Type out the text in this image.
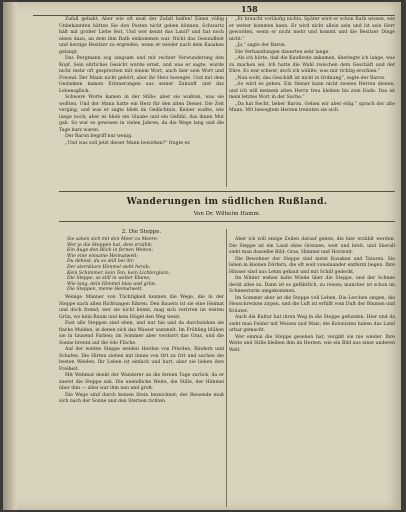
158

Zufall gehabt. Aber wie oft muß der Zufall helfen! Einen völlig Unbekannten hätten Sie den Posten nicht geben können. Schwartz hält mit großer Liebe fest, Und wer kennt das Land? und hat noch einen dazu, an dem ihm Rath einkommen war. Nicht das Gesundheit und herzige Besitzer zu ergreifen, wenn er wieder nach dem Kasaken gelangt.

Das Bergmann zog langsam und mit rechter Verwunderung den Kopf. Sein ehrliches Gesicht wurde ernst, und was er sagte, wurde nicht mehr oft gesprochen mit einem Wort, auch hier sein Wort und Freund. Der Mann nicht gehört, aber ihr Herz bewegte. Und mit dem Gedanken kamen Erinnerungen aus seiner Zukunft und das Lebensglück.

Schwere Worte kamen in der Stille; aber sie wußten, was sie wollten. Und der Mann hatte ein Herz für den alten Diener. Die Zeit verging, und was er sagte blieb im Gedächtnis. Keiner wußte, wie lange noch; aber es blieb ein Glaube und ein Gefühl, das ihnen Mut gab. So war es gewesen in vielen Jahren, da die Wege lang und die Tage kurz waren.

Der Baron begriff nur wenig.

„Und was soll jetzt dieser Mann bewirken?“ fragte er.

„Er braucht vorläufig nichts. Später wird er schon Rath wissen, wie er weiter kommen kann. Er wird nicht allein sein und ist sein Herr geworden, wenn er nicht mehr und kommt und die Besitzer Dinge nicht.“

„Ja,“ sagte der Baron.

Die Verhandlungen dauerten sehr lange.

„Als ich hörte, daß die Kaufleute ankamen, überlegte ich lange, was zu machen sei. Ich hatte die Wahl zwischen dem Geschäft und der Ehre. Es war schwer, doch ich wählte, was mir richtig erschien.“

„Nun wohl, das Geschäft ist nicht in Ordnung“, sagte der Baron.

„So wird es gehen. Ein Diener kann nicht zweien Herren dienen, und ich will meinem alten Herrn treu bleiben bis zum Ende. Das ist mein letztes Wort in der Sache.“

„Da hat Recht, lieber Baron. Gehen wir aber eilig.“ sprach der alte Mann. Mit bewegtem Herzen trennten sie sich.

Wanderungen im südlichen Rußland.
Von Dr. Wilhelm Hamm.
2. Die Steppe.
Sie sahen sich mit den Meer zu Meere;
Wer je die Steppen hat, dem erzählt;
Ein Auge den Blick in fernen Weiten;
Wie eine einsame Heimatwelt;
Du dehnst, du so still bei ihr;
Der sternklare Himmel sieht herab;
Kein Schimmer, kein Ton, kein Lichterglanz;
Die Steppe, so still in weiter Ebene;
Wie lang, dein Himmel blau und grün;
Die Steppen, meine Heimatwelt.

Wenige Männer von Tüchtigkeit kennen die Wege, die in der Steppe nach allen Richtungen führen. Den Bauern ist sie eine Heimat und doch fremd; wer sie nicht kennt, mag sich verirren im weiten Grün, wo kein Baum und kein Hügel den Weg weist.

Fast alle Steppen sind eben, und nur hie und da durchziehen sie flache Mulden, in denen sich das Wasser sammelt. Im Frühling blühen sie in tausend Farben; im Sommer aber verdorrt das Gras, und die Sonne brennt auf die öde Fläche.

Auf der weiten Steppe weiden Herden von Pferden, Rindern und Schafen. Die Hirten ziehen mit ihnen von Ort zu Ort und suchen die besten Weiden. Ihr Leben ist einfach und hart, aber sie lieben ihre Freiheit.

Mit Wehmut denkt der Wanderer an die fernen Tage zurück, da er zuerst die Steppe sah. Die unendliche Weite, die Stille, der Himmel über ihm — alles war ihm neu und groß.

Die Wege sind durch keinen Stein bezeichnet; der Reisende muß sich nach der Sonne und den Sternen richten.

Aber ich will einige Zeilen darauf geben, die hier erzählt werden. Die Steppe ist ein Land ohne Grenzen, weit und breit, und überall sieht man dasselbe Bild: Gras, Himmel und Horizont.

Die Bewohner der Steppe sind meist Kosaken und Tataren. Sie leben in kleinen Dörfern, die oft weit voneinander entfernt liegen. Ihre Häuser sind aus Lehm gebaut und mit Schilf gedeckt.

Im Winter wehen kalte Winde über die Steppe, und der Schnee deckt alles zu. Dann ist es gefährlich, zu reisen; mancher ist schon im Schneesturm umgekommen.

Im Sommer aber ist die Steppe voll Leben. Die Lerchen singen, die Heuschrecken zirpen, und die Luft ist erfüllt vom Duft der Blumen und Kräuter.

Auch die Kultur hat ihren Weg in die Steppe gefunden. Hier und da sieht man Felder mit Weizen und Mais; die Kolonisten haben das Land urbar gemacht.

Wer einmal die Steppe gesehen hat, vergißt sie nie wieder. Ihre Weite und Stille bleiben ihm im Herzen, wie ein Bild aus einer anderen Welt.
